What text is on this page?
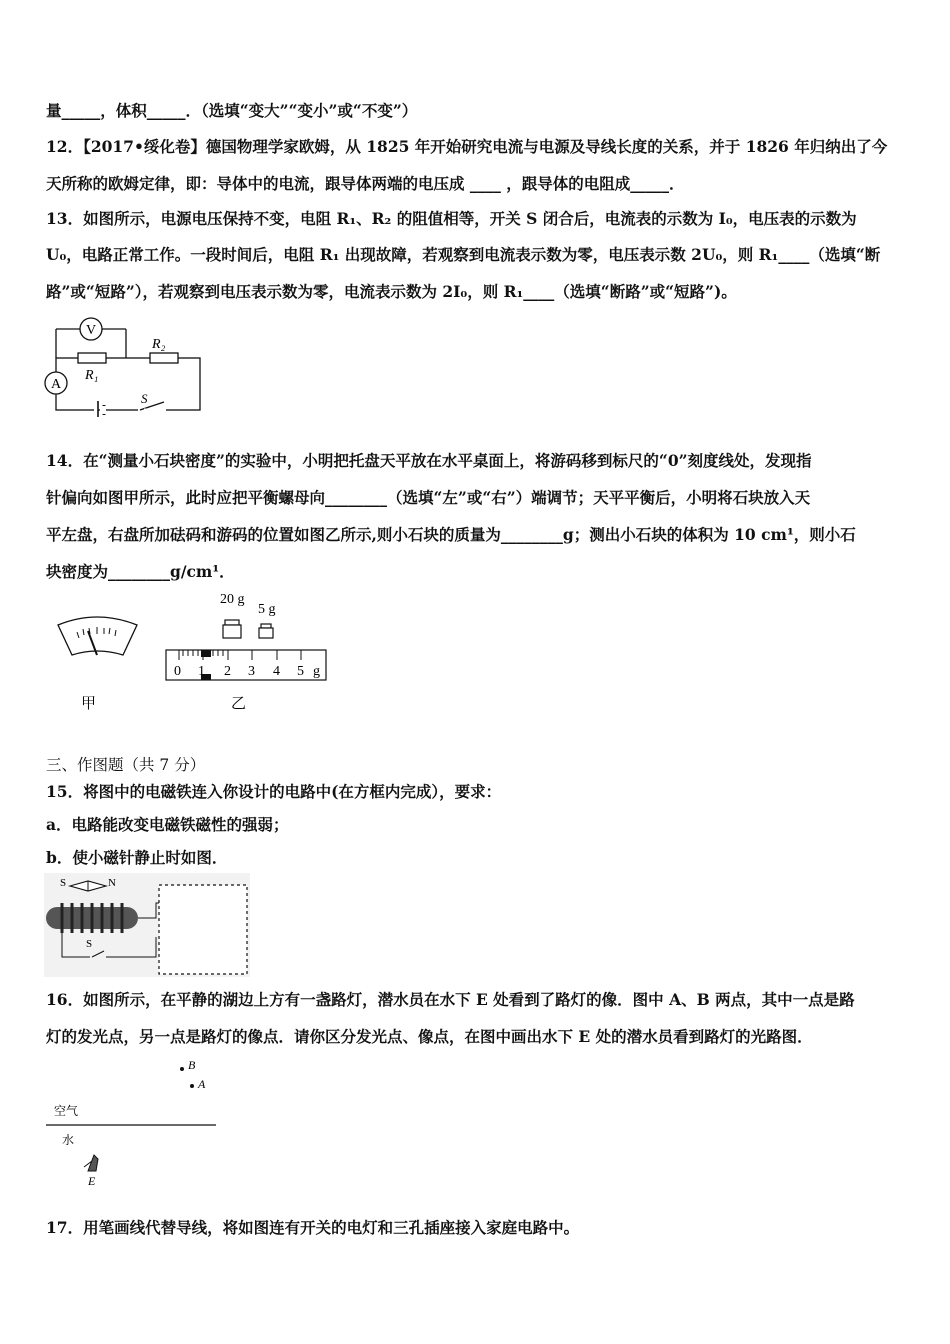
量_____，体积_____．（选填“变大”“变小”或“不变”）
12．【2017•绥化卷】德国物理学家欧姆，从 1825 年开始研究电流与电源及导线长度的关系，并于 1826 年归纳出了今
天所称的欧姆定律，即：导体中的电流，跟导体两端的电压成 ____ ，跟导体的电阻成_____．
13．如图所示，电源电压保持不变，电阻 R₁、R₂ 的阻值相等，开关 S 闭合后，电流表的示数为 I₀，电压表的示数为
U₀，电路正常工作。一段时间后，电阻 R₁ 出现故障，若观察到电流表示数为零，电压表示数 2U₀，则 R₁____（选填“断
路”或“短路”），若观察到电压表示数为零，电流表示数为 2I₀，则 R₁____（选填“断路”或“短路”)。
V
A
R₁
R₂
S
14．在“测量小石块密度”的实验中，小明把托盘天平放在水平桌面上，将游码移到标尺的“0”刻度线处，发现指
针偏向如图甲所示，此时应把平衡螺母向________（选填“左”或“右”）端调节；天平平衡后，小明将石块放入天
平左盘，右盘所加砝码和游码的位置如图乙所示,则小石块的质量为________g；测出小石块的体积为 10 cm¹，则小石
块密度为________g/cm¹．
甲
20 g
5 g
0 1 2 3 4 5 g
乙
三、作图题（共 7 分）
15．将图中的电磁铁连入你设计的电路中(在方框内完成），要求：
a．电路能改变电磁铁磁性的强弱；
b．使小磁针静止时如图．
S	N
S
16．如图所示，在平静的湖边上方有一盏路灯，潜水员在水下 E 处看到了路灯的像．图中 A、B 两点，其中一点是路
灯的发光点，另一点是路灯的像点．请你区分发光点、像点，在图中画出水下 E 处的潜水员看到路灯的光路图．
B
A
空气
水
E
17．用笔画线代替导线，将如图连有开关的电灯和三孔插座接入家庭电路中。
